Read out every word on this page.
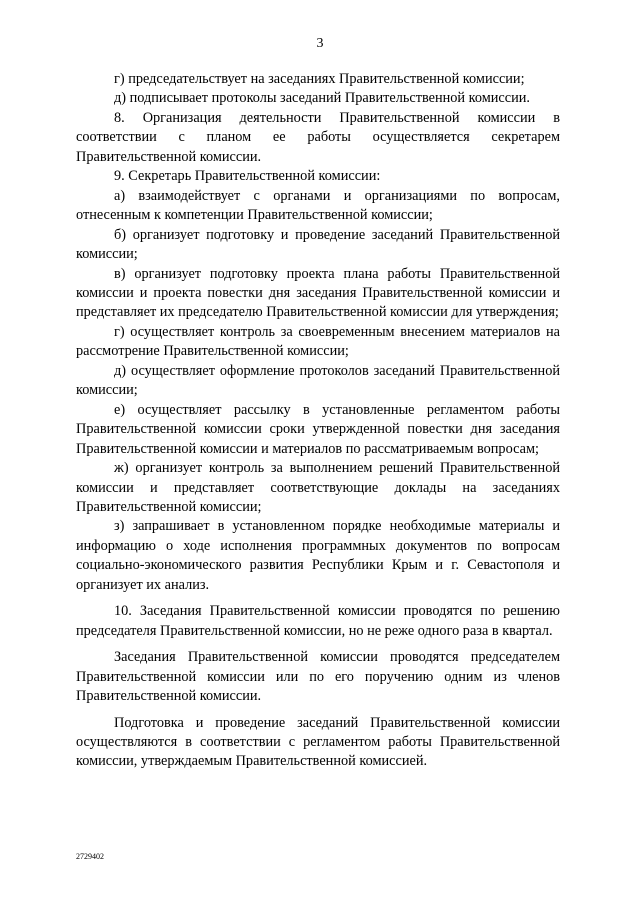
3

г) председательствует на заседаниях Правительственной комиссии;

д) подписывает протоколы заседаний Правительственной комиссии.

8. Организация деятельности Правительственной комиссии в соответствии с планом ее работы осуществляется секретарем Правительственной комиссии.

9. Секретарь Правительственной комиссии:

а) взаимодействует с органами и организациями по вопросам, отнесенным к компетенции Правительственной комиссии;

б) организует подготовку и проведение заседаний Правительственной комиссии;

в) организует подготовку проекта плана работы Правительственной комиссии и проекта повестки дня заседания Правительственной комиссии и представляет их председателю Правительственной комиссии для утверждения;

г) осуществляет контроль за своевременным внесением материалов на рассмотрение Правительственной комиссии;

д) осуществляет оформление протоколов заседаний Правительственной комиссии;

е) осуществляет рассылку в установленные регламентом работы Правительственной комиссии сроки утвержденной повестки дня заседания Правительственной комиссии и материалов по рассматриваемым вопросам;

ж) организует контроль за выполнением решений Правительственной комиссии и представляет соответствующие доклады на заседаниях Правительственной комиссии;

з) запрашивает в установленном порядке необходимые материалы и информацию о ходе исполнения программных документов по вопросам социально-экономического развития Республики Крым и г. Севастополя и организует их анализ.

10. Заседания Правительственной комиссии проводятся по решению председателя Правительственной комиссии, но не реже одного раза в квартал.

Заседания Правительственной комиссии проводятся председателем Правительственной комиссии или по его поручению одним из членов Правительственной комиссии.

Подготовка и проведение заседаний Правительственной комиссии осуществляются в соответствии с регламентом работы Правительственной комиссии, утверждаемым Правительственной комиссией.

2729402
